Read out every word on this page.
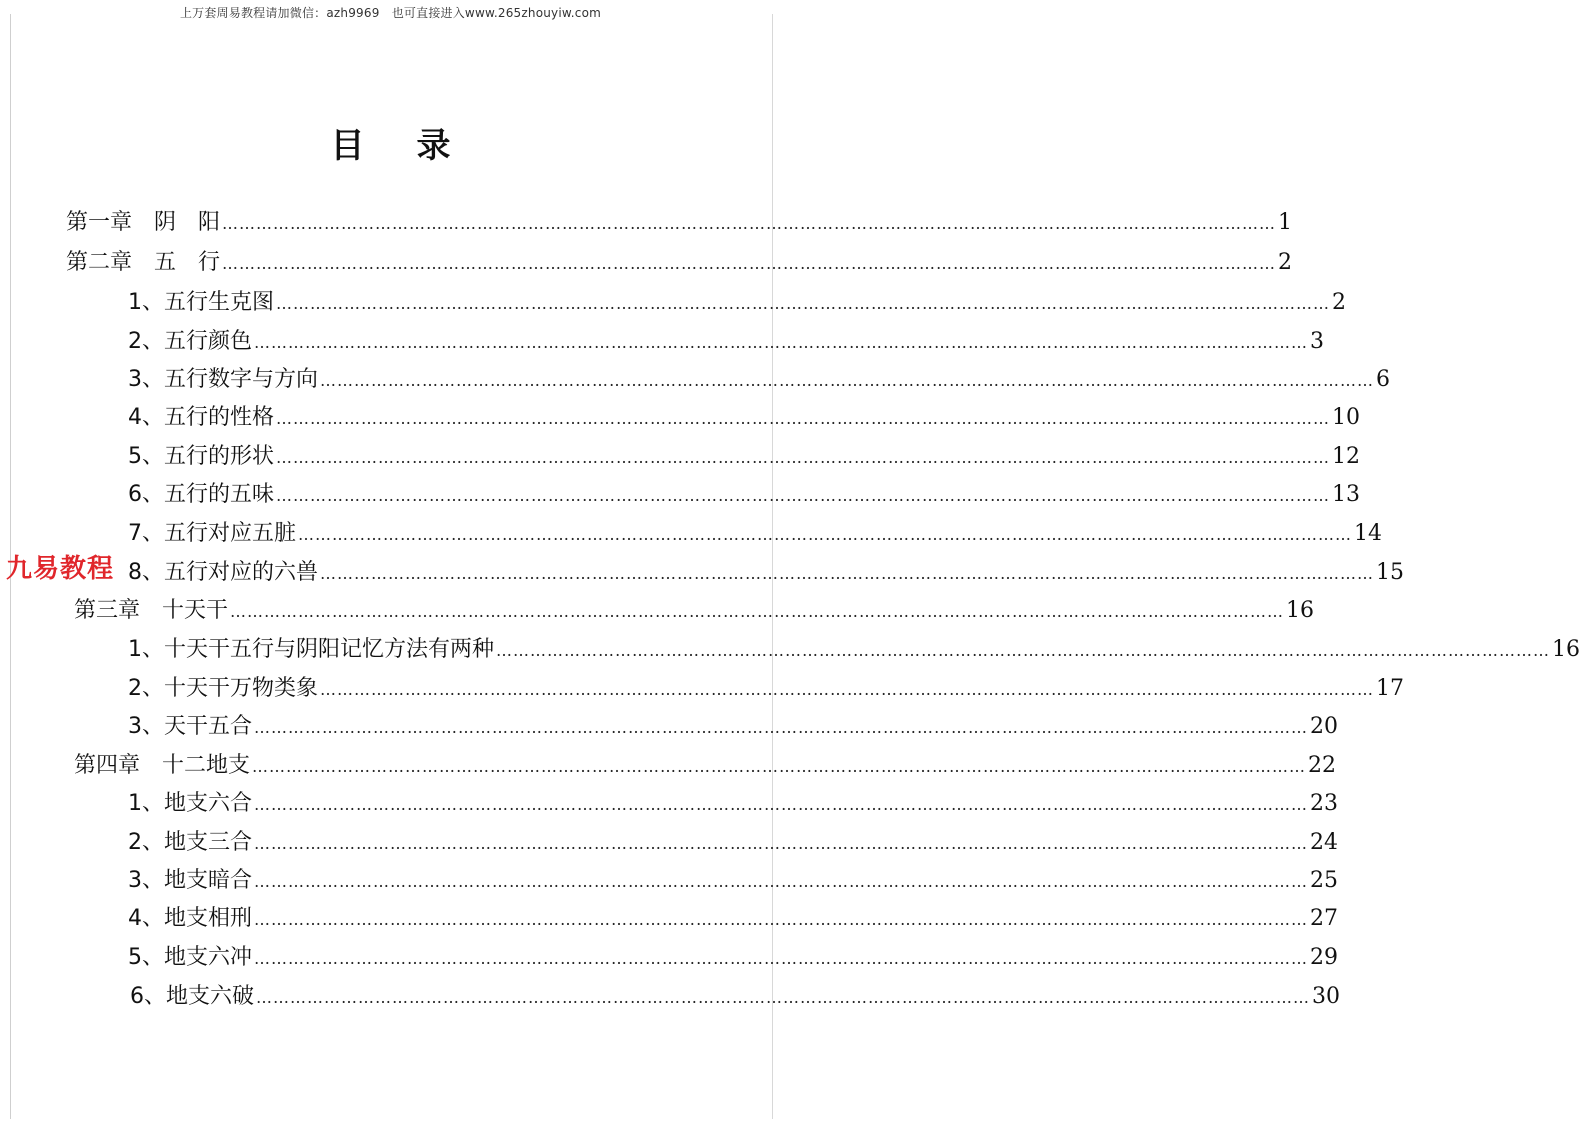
上万套周易教程请加微信：azh9969　也可直接进入www.265zhouyiw.com
目录
第一章　阴　阳 …………………………………………………………………………………………………………………………………………………………………… 1
第二章　五　行 …………………………………………………………………………………………………………………………………………………………………… 2
1、五行生克图 …………………………………………………………………………………………………………………………………………………………………… 2
2、五行颜色 …………………………………………………………………………………………………………………………………………………………………… 3
3、五行数字与方向 …………………………………………………………………………………………………………………………………………………………………… 6
4、五行的性格 …………………………………………………………………………………………………………………………………………………………………… 10
5、五行的形状 …………………………………………………………………………………………………………………………………………………………………… 12
6、五行的五味 …………………………………………………………………………………………………………………………………………………………………… 13
7、五行对应五脏 …………………………………………………………………………………………………………………………………………………………………… 14
8、五行对应的六兽 …………………………………………………………………………………………………………………………………………………………………… 15
第三章　十天干 …………………………………………………………………………………………………………………………………………………………………… 16
1、十天干五行与阴阳记忆方法有两种 …………………………………………………………………………………………………………………………………………………………………… 16
2、十天干万物类象 …………………………………………………………………………………………………………………………………………………………………… 17
3、天干五合 …………………………………………………………………………………………………………………………………………………………………… 20
第四章　十二地支 …………………………………………………………………………………………………………………………………………………………………… 22
1、地支六合 …………………………………………………………………………………………………………………………………………………………………… 23
2、地支三合 …………………………………………………………………………………………………………………………………………………………………… 24
3、地支暗合 …………………………………………………………………………………………………………………………………………………………………… 25
4、地支相刑 …………………………………………………………………………………………………………………………………………………………………… 27
5、地支六冲 …………………………………………………………………………………………………………………………………………………………………… 29
6、地支六破 …………………………………………………………………………………………………………………………………………………………………… 30
九易教程
